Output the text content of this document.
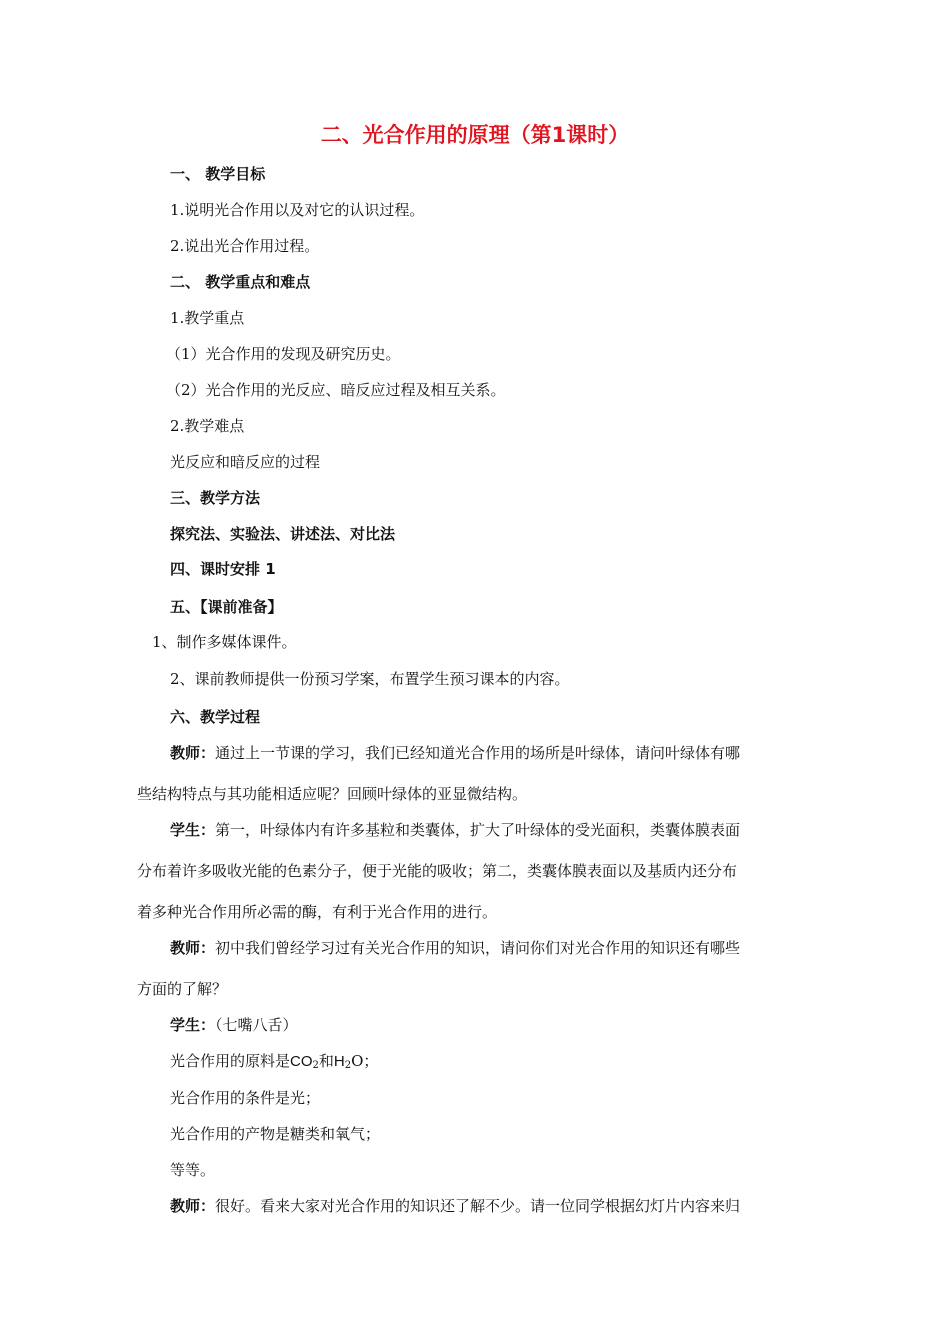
二、光合作用的原理（第1课时）
一、 教学目标
1.说明光合作用以及对它的认识过程。
2.说出光合作用过程。
二、 教学重点和难点
1.教学重点
（1）光合作用的发现及研究历史。
（2）光合作用的光反应、暗反应过程及相互关系。
2.教学难点
光反应和暗反应的过程
三、教学方法
探究法、实验法、讲述法、对比法
四、课时安排 1
五、【课前准备】
1、制作多媒体课件。
2、课前教师提供一份预习学案，布置学生预习课本的内容。
六、教学过程
教师：通过上一节课的学习，我们已经知道光合作用的场所是叶绿体，请问叶绿体有哪
些结构特点与其功能相适应呢？回顾叶绿体的亚显微结构。
学生：第一，叶绿体内有许多基粒和类囊体，扩大了叶绿体的受光面积，类囊体膜表面
分布着许多吸收光能的色素分子，便于光能的吸收；第二，类囊体膜表面以及基质内还分布
着多种光合作用所必需的酶，有利于光合作用的进行。
教师：初中我们曾经学习过有关光合作用的知识，请问你们对光合作用的知识还有哪些
方面的了解？
学生：（七嘴八舌）
光合作用的原料是$CO_2$和$H_2O$；
光合作用的条件是光；
光合作用的产物是糖类和氧气；
等等。
教师：很好。看来大家对光合作用的知识还了解不少。请一位同学根据幻灯片内容来归
